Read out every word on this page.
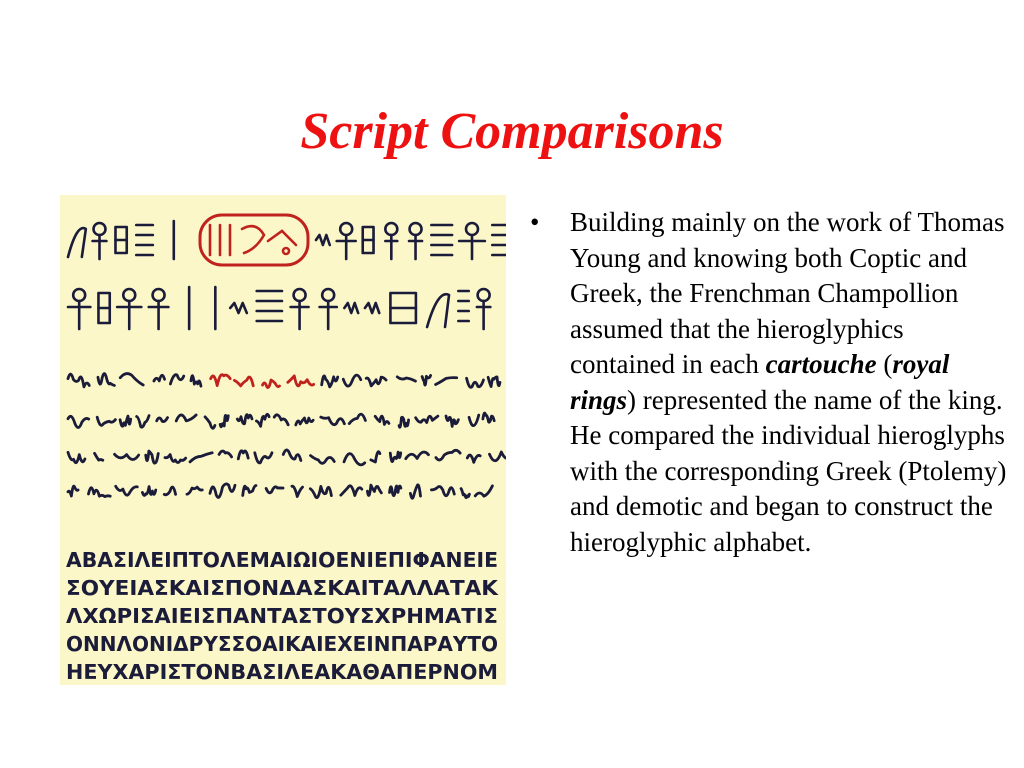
Script Comparisons
ΑΒΑΣΙΛΕΙΠΤΟΛΕΜΑΙΩΙΟΕΝΙΕΠΙΦΑΝΕΙΕ
ΣΟΥΕΙΑΣΚΑΙΣΠΟΝΔΑΣΚΑΙΤΑΛΛΑΤΑΚ
ΛΧΩΡΙΣΑΙΕΙΣΠΑΝΤΑΣΤΟΥΣΧΡΗΜΑΤΙΣ
ΟΝΝΛΟΝΙΔΡΥΣΣΟΑΙΚΑΙΕΧΕΙΝΠΑΡΑΥΤΟ
ΗΕΥΧΑΡΙΣΤΟΝΒΑΣΙΛΕΑΚΑΘΑΠΕΡΝΟΜ
•	Building mainly on the work of Thomas Young and knowing both Coptic and Greek, the Frenchman Champollion assumed that the hieroglyphics contained in each cartouche (royal rings) represented the name of the king. He compared the individual hieroglyphs with the corresponding Greek (Ptolemy) and demotic and began to construct the hieroglyphic alphabet.
